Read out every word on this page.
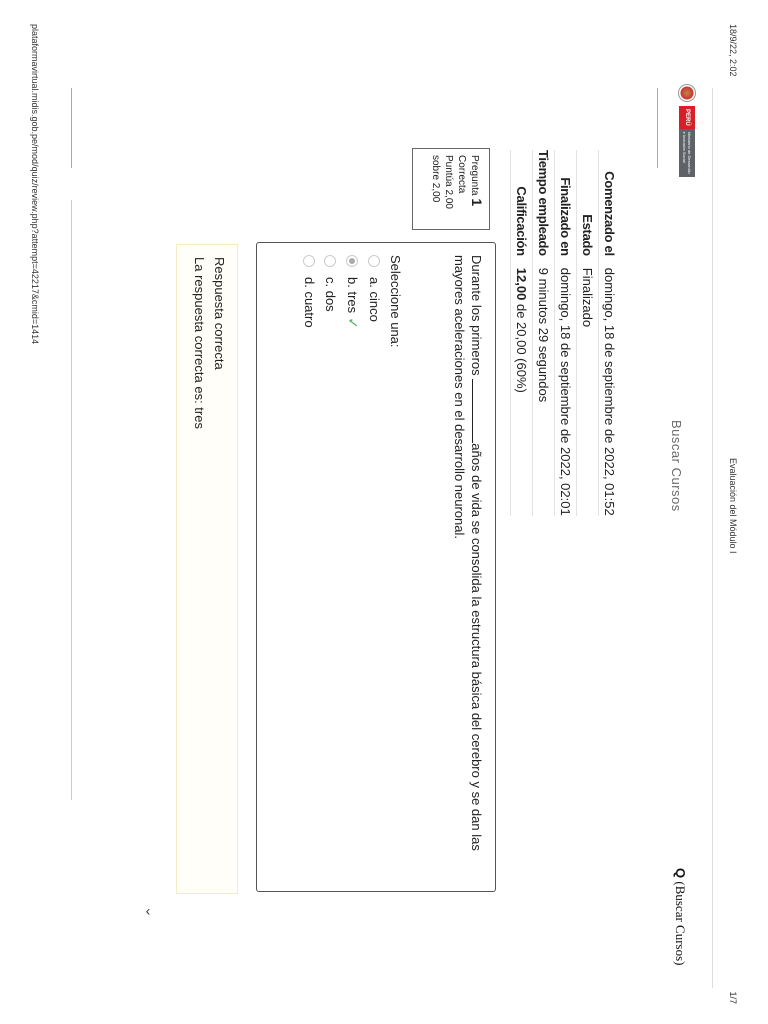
18/9/22, 2:02
Evaluación del Módulo I
1/7
PERÚ
Ministerio de Desarrollo
e Inclusión Social
Buscar Cursos
Q (Buscar Cursos)
Comenzado el	domingo, 18 de septiembre de 2022, 01:52
Estado	Finalizado
Finalizado en	domingo, 18 de septiembre de 2022, 02:01
Tiempo empleado	9 minutos 29 segundos
Calificación	12,00 de 20,00 (60%)
Pregunta 1
Correcta
Puntúa 2,00
sobre 2,00
Durante los primeros años de vida se consolida la estructura básica del cerebro y se dan las mayores aceleraciones en el desarrollo neuronal.
Seleccione una:
a. cinco
b. tres
✓
c. dos
d. cuatro
Respuesta correcta
La respuesta correcta es: tres
‹
plataformavirtual.midis.gob.pe/mod/quiz/review.php?attempt=42217&cmid=1414
